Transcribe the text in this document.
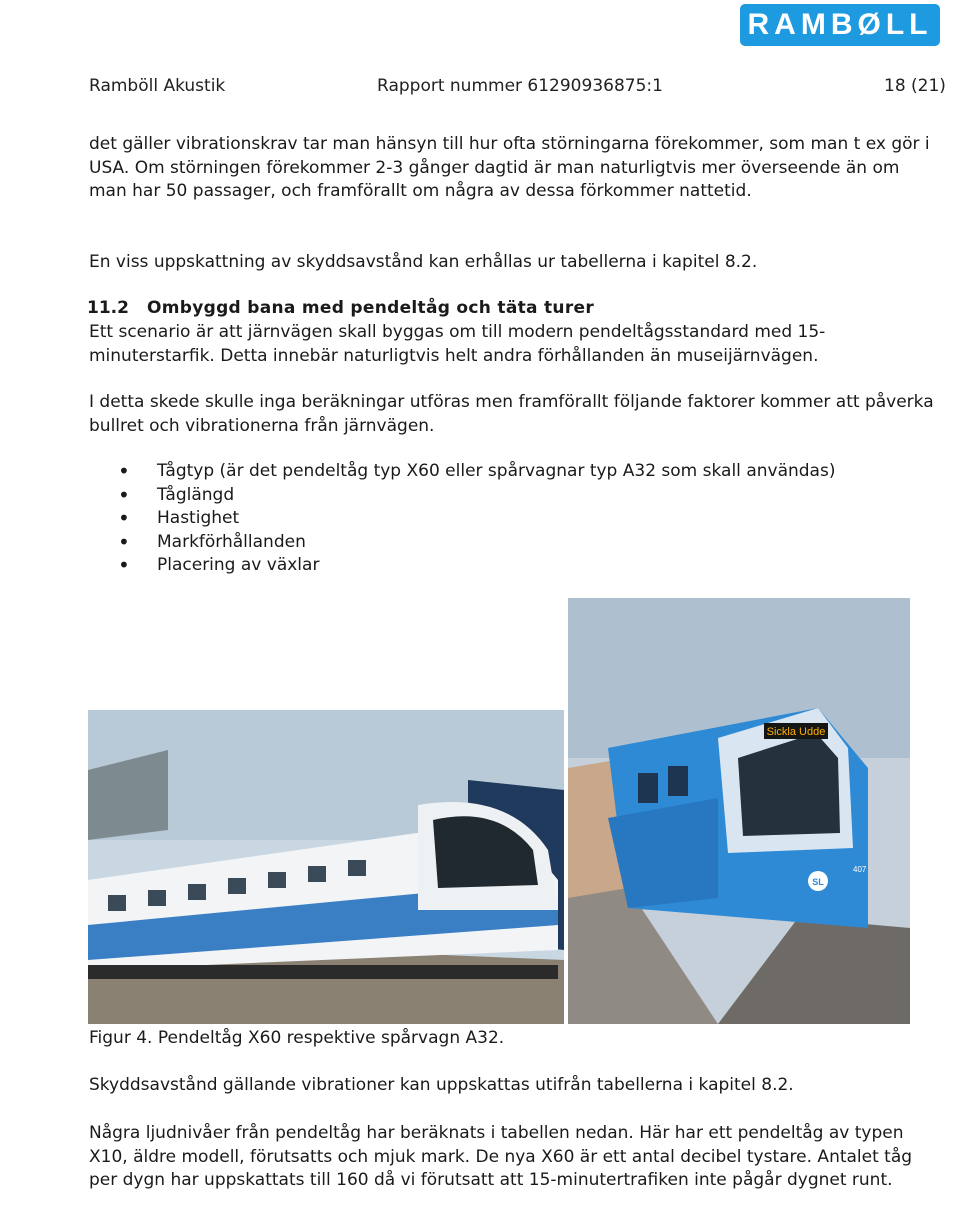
RAMBØLL
Ramböll Akustik	Rapport nummer 61290936875:1	18 (21)

det gäller vibrationskrav tar man hänsyn till hur ofta störningarna förekommer, som man t ex gör i USA. Om störningen förekommer 2-3 gånger dagtid är man naturligtvis mer överseende än om man har 50 passager, och framförallt om några av dessa förkommer nattetid.

En viss uppskattning av skyddsavstånd kan erhållas ur tabellerna i kapitel 8.2.

11.2 Ombyggd bana med pendeltåg och täta turer

Ett scenario är att järnvägen skall byggas om till modern pendeltågsstandard med 15-minuterstarfik. Detta innebär naturligtvis helt andra förhållanden än museijärnvägen.

I detta skede skulle inga beräkningar utföras men framförallt följande faktorer kommer att påverka bullret och vibrationerna från järnvägen.

• Tågtyp (är det pendeltåg typ X60 eller spårvagnar typ A32 som skall användas)
• Tåglängd
• Hastighet
• Markförhållanden
• Placering av växlar
Sickla Udde
SL
407
Figur 4. Pendeltåg X60 respektive spårvagn A32.

Skyddsavstånd gällande vibrationer kan uppskattas utifrån tabellerna i kapitel 8.2.

Några ljudnivåer från pendeltåg har beräknats i tabellen nedan. Här har ett pendeltåg av typen X10, äldre modell, förutsatts och mjuk mark. De nya X60 är ett antal decibel tystare. Antalet tåg per dygn har uppskattats till 160 då vi förutsatt att 15-minutertrafiken inte pågår dygnet runt.
